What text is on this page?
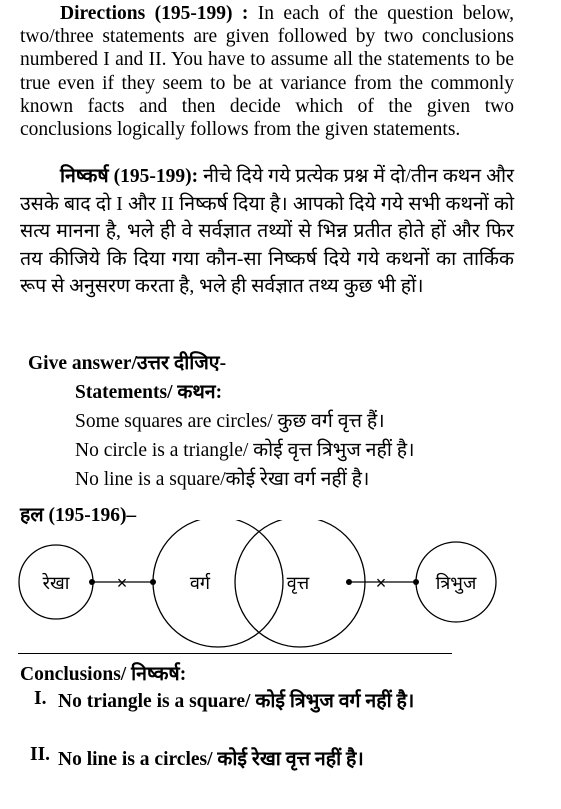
Directions (195-199) : In each of the question below, two/three statements are given followed by two conclusions numbered I and II. You have to assume all the statements to be true even if they seem to be at variance from the commonly known facts and then decide which of the given two conclusions logically follows from the given statements.
निष्कर्ष (195-199): नीचे दिये गये प्रत्येक प्रश्न में दो/तीन कथन और उसके बाद दो I और II निष्कर्ष दिया है। आपको दिये गये सभी कथनों को सत्य मानना है, भले ही वे सर्वज्ञात तथ्यों से भिन्न प्रतीत होते हों और फिर तय कीजिये कि दिया गया कौन-सा निष्कर्ष दिये गये कथनों का तार्किक रूप से अनुसरण करता है, भले ही सर्वज्ञात तथ्य कुछ भी हों।
Give answer/उत्तर दीजिए-
Statements/ कथन:
Some squares are circles/ कुछ वर्ग वृत्त हैं।
No circle is a triangle/ कोई वृत्त त्रिभुज नहीं है।
No line is a square/कोई रेखा वर्ग नहीं है।
हल (195-196)–
×	×
रेखा	वर्ग	वृत्त	त्रिभुज
Conclusions/ निष्कर्ष:
I. No triangle is a square/ कोई त्रिभुज वर्ग नहीं है।
II. No line is a circles/ कोई रेखा वृत्त नहीं है।
